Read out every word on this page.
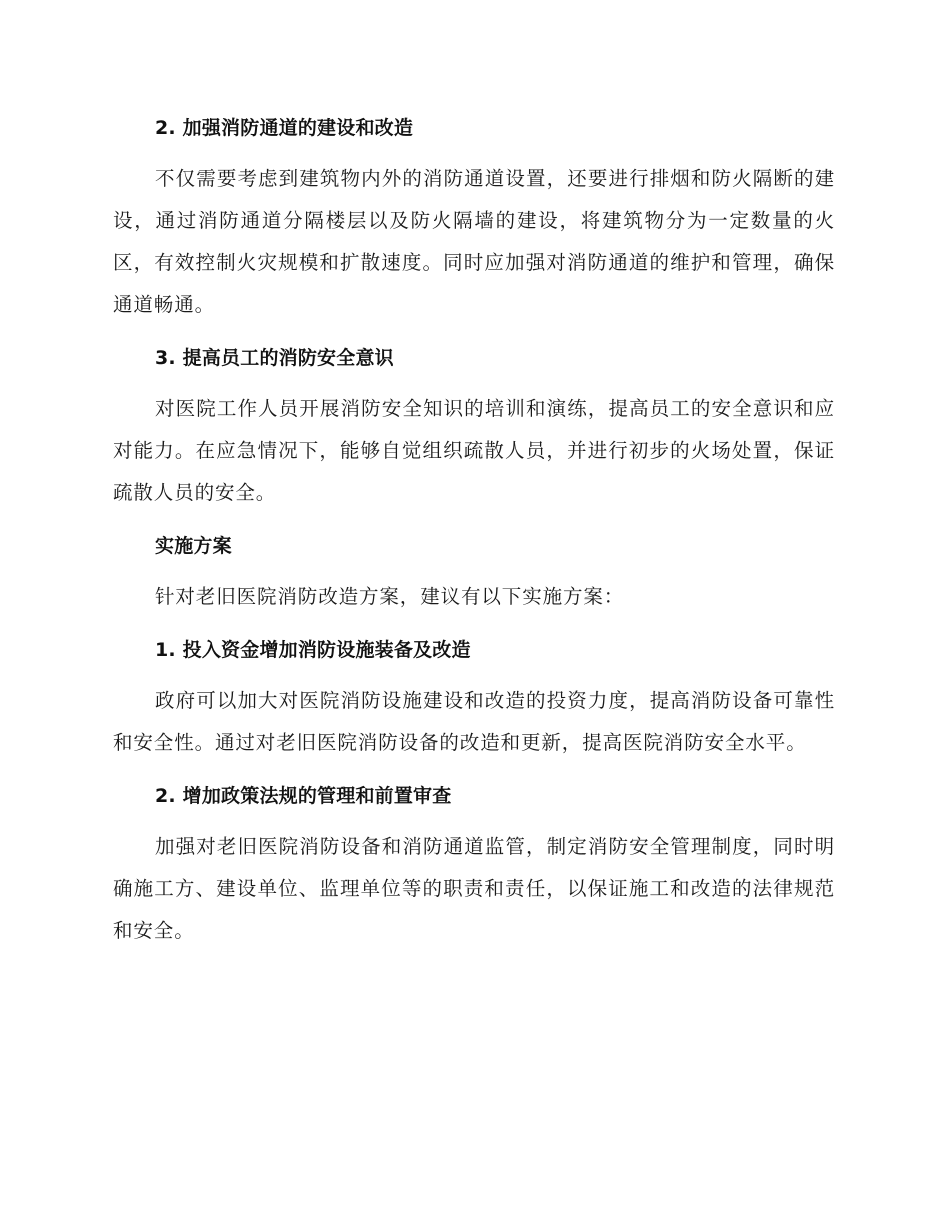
2. 加强消防通道的建设和改造

不仅需要考虑到建筑物内外的消防通道设置，还要进行排烟和防火隔断的建设，通过消防通道分隔楼层以及防火隔墙的建设，将建筑物分为一定数量的火区，有效控制火灾规模和扩散速度。同时应加强对消防通道的维护和管理，确保通道畅通。

3. 提高员工的消防安全意识

对医院工作人员开展消防安全知识的培训和演练，提高员工的安全意识和应对能力。在应急情况下，能够自觉组织疏散人员，并进行初步的火场处置，保证疏散人员的安全。

实施方案

针对老旧医院消防改造方案，建议有以下实施方案：

1. 投入资金增加消防设施装备及改造

政府可以加大对医院消防设施建设和改造的投资力度，提高消防设备可靠性和安全性。通过对老旧医院消防设备的改造和更新，提高医院消防安全水平。

2. 增加政策法规的管理和前置审查

加强对老旧医院消防设备和消防通道监管，制定消防安全管理制度，同时明确施工方、建设单位、监理单位等的职责和责任，以保证施工和改造的法律规范和安全。
